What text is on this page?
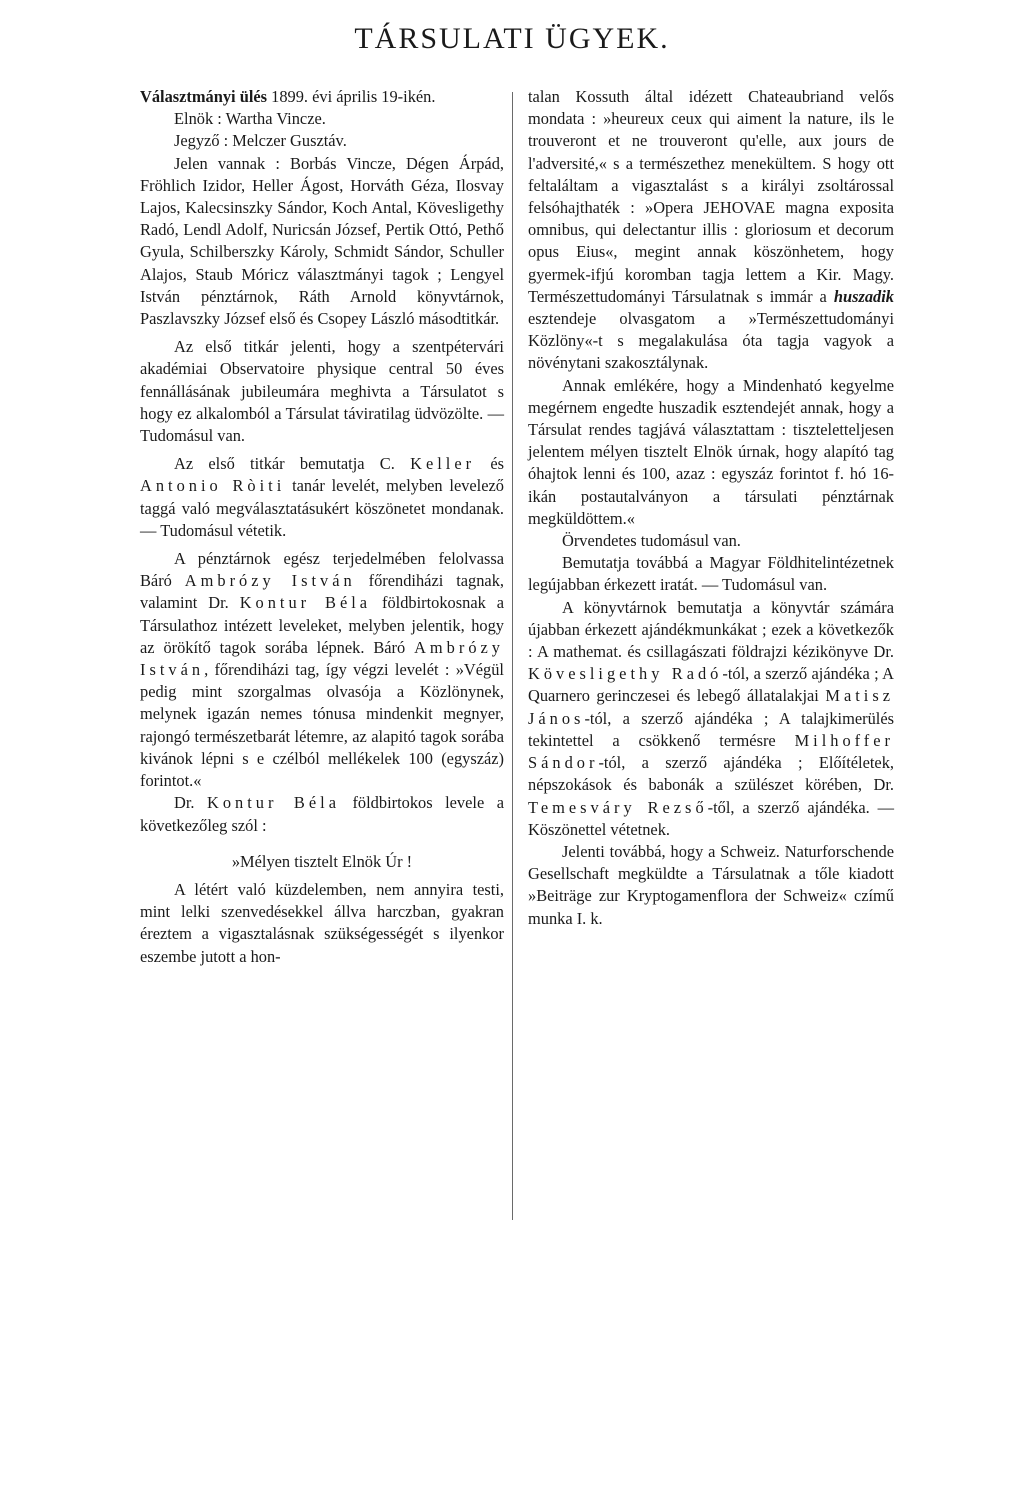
TÁRSULATI ÜGYEK.

Választmányi ülés 1899. évi április 19-ikén.

Elnök : Wartha Vincze.

Jegyző : Melczer Gusztáv.

Jelen vannak : Borbás Vincze, Dégen Árpád, Fröhlich Izidor, Heller Ágost, Horváth Géza, Ilosvay Lajos, Kalecsinszky Sándor, Koch Antal, Kövesligethy Radó, Lendl Adolf, Nuricsán József, Pertik Ottó, Pethő Gyula, Schilberszky Károly, Schmidt Sándor, Schuller Alajos, Staub Móricz választmányi tagok ; Lengyel István pénztárnok, Ráth Arnold könyvtárnok, Paszlavszky József első és Csopey László másodtitkár.

Az első titkár jelenti, hogy a szentpétervári akadémiai Observatoire physique central 50 éves fennállásának jubileumára meghivta a Társulatot s hogy ez alkalomból a Társulat táviratilag üdvözölte. — Tudomásul van.

Az első titkár bemutatja C. Keller és Antonio Ròiti tanár levelét, melyben levelező taggá való megválasztatásukért köszönetet mondanak. — Tudomásul vétetik.

A pénztárnok egész terjedelmében felolvassa Báró Ambrózy István főrendiházi tagnak, valamint Dr. Kontur Béla földbirtokosnak a Társulathoz intézett leveleket, melyben jelentik, hogy az örökítő tagok sorába lépnek. Báró Ambrózy István, főrendiházi tag, így végzi levelét : »Végül pedig mint szorgalmas olvasója a Közlönynek, melynek igazán nemes tónusa mindenkit megnyer, rajongó természetbarát létemre, az alapitó tagok sorába kivánok lépni s e czélból mellékelek 100 (egyszáz) forintot.«

Dr. Kontur Béla földbirtokos levele a következőleg szól :

»Mélyen tisztelt Elnök Úr !

A létért való küzdelemben, nem annyira testi, mint lelki szenvedésekkel állva harczban, gyakran éreztem a vigasztalásnak szükségességét s ilyenkor eszembe jutott a hon-

talan Kossuth által idézett Chateaubriand velős mondata : »heureux ceux qui aiment la nature, ils le trouveront et ne trouveront qu'elle, aux jours de l'adversité,« s a természethez menekültem. S hogy ott feltaláltam a vigasztalást s a királyi zsoltárossal felsóhajthaték : »Opera JEHOVAE magna exposita omnibus, qui delectantur illis : gloriosum et decorum opus Eius«, megint annak köszönhetem, hogy gyermek-ifjú koromban tagja lettem a Kir. Magy. Természettudományi Társulatnak s immár a huszadik esztendeje olvasgatom a »Természettudományi Közlöny«-t s megalakulása óta tagja vagyok a növénytani szakosztálynak.

Annak emlékére, hogy a Mindenható kegyelme megérnem engedte huszadik esztendejét annak, hogy a Társulat rendes tagjává választattam : tiszteletteljesen jelentem mélyen tisztelt Elnök úrnak, hogy alapító tag óhajtok lenni és 100, azaz : egyszáz forintot f. hó 16-ikán postautalványon a társulati pénztárnak megküldöttem.«

Örvendetes tudomásul van.

Bemutatja továbbá a Magyar Földhitelintézetnek legújabban érkezett iratát. — Tudomásul van.

A könyvtárnok bemutatja a könyvtár számára újabban érkezett ajándékmunkákat ; ezek a következők : A mathemat. és csillagászati földrajzi kézikönyve Dr. Kövesligethy Radó-tól, a szerző ajándéka ; A Quarnero gerinczesei és lebegő állatalakjai Matisz János-tól, a szerző ajándéka ; A talajkimerülés tekintettel a csökkenő termésre Milhoffer Sándor-tól, a szerző ajándéka ; Előítéletek, népszokások és babonák a szülészet körében, Dr. Temesváry Rezső-től, a szerző ajándéka. — Köszönettel vétetnek.

Jelenti továbbá, hogy a Schweiz. Naturforschende Gesellschaft megküldte a Társulatnak a tőle kiadott »Beiträge zur Kryptogamenflora der Schweiz« czímű munka I. k.
